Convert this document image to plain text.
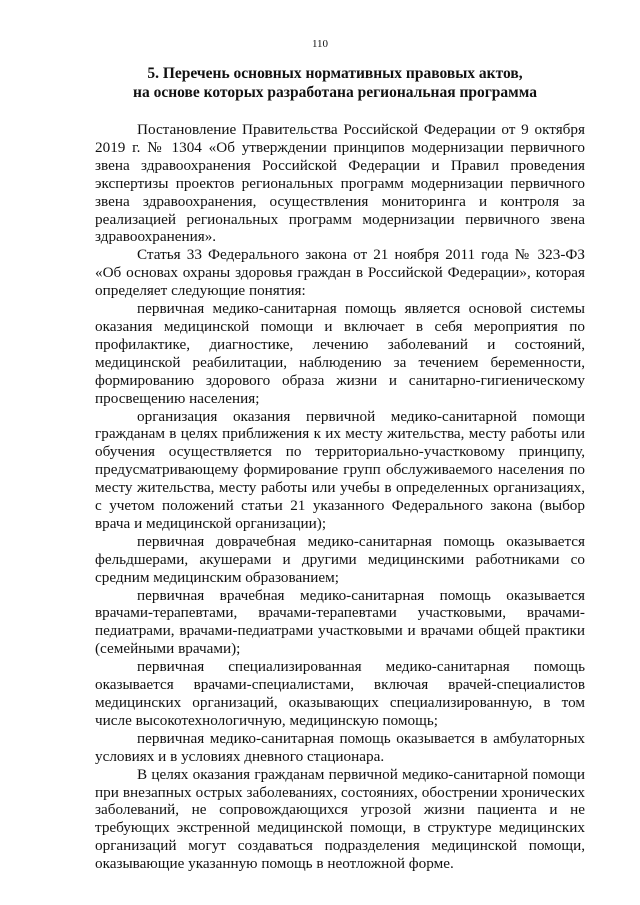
110
5. Перечень основных нормативных правовых актов,
на основе которых разработана региональная программа

Постановление Правительства Российской Федерации от 9 октября 2019 г. № 1304 «Об утверждении принципов модернизации первичного звена здравоохранения Российской Федерации и Правил проведения экспертизы проектов региональных программ модернизации первичного звена здравоохранения, осуществления мониторинга и контроля за реализацией региональных программ модернизации первичного звена здравоохранения».

Статья 33 Федерального закона от 21 ноября 2011 года № 323-ФЗ «Об основах охраны здоровья граждан в Российской Федерации», которая определяет следующие понятия:

первичная медико-санитарная помощь является основой системы оказания медицинской помощи и включает в себя мероприятия по профилактике, диагностике, лечению заболеваний и состояний, медицинской реабилитации, наблюдению за течением беременности, формированию здорового образа жизни и санитарно-гигиеническому просвещению населения;

организация оказания первичной медико-санитарной помощи гражданам в целях приближения к их месту жительства, месту работы или обучения осуществляется по территориально-участковому принципу, предусматривающему формирование групп обслуживаемого населения по месту жительства, месту работы или учебы в определенных организациях, с учетом положений статьи 21 указанного Федерального закона (выбор врача и медицинской организации);

первичная доврачебная медико-санитарная помощь оказывается фельдшерами, акушерами и другими медицинскими работниками со средним медицинским образованием;

первичная врачебная медико-санитарная помощь оказывается врачами-терапевтами, врачами-терапевтами участковыми, врачами-педиатрами, врачами-педиатрами участковыми и врачами общей практики (семейными врачами);

первичная специализированная медико-санитарная помощь оказывается врачами-специалистами, включая врачей-специалистов медицинских организаций, оказывающих специализированную, в том числе высокотехнологичную, медицинскую помощь;

первичная медико-санитарная помощь оказывается в амбулаторных условиях и в условиях дневного стационара.

В целях оказания гражданам первичной медико-санитарной помощи при внезапных острых заболеваниях, состояниях, обострении хронических заболеваний, не сопровождающихся угрозой жизни пациента и не требующих экстренной медицинской помощи, в структуре медицинских организаций могут создаваться подразделения медицинской помощи, оказывающие указанную помощь в неотложной форме.
